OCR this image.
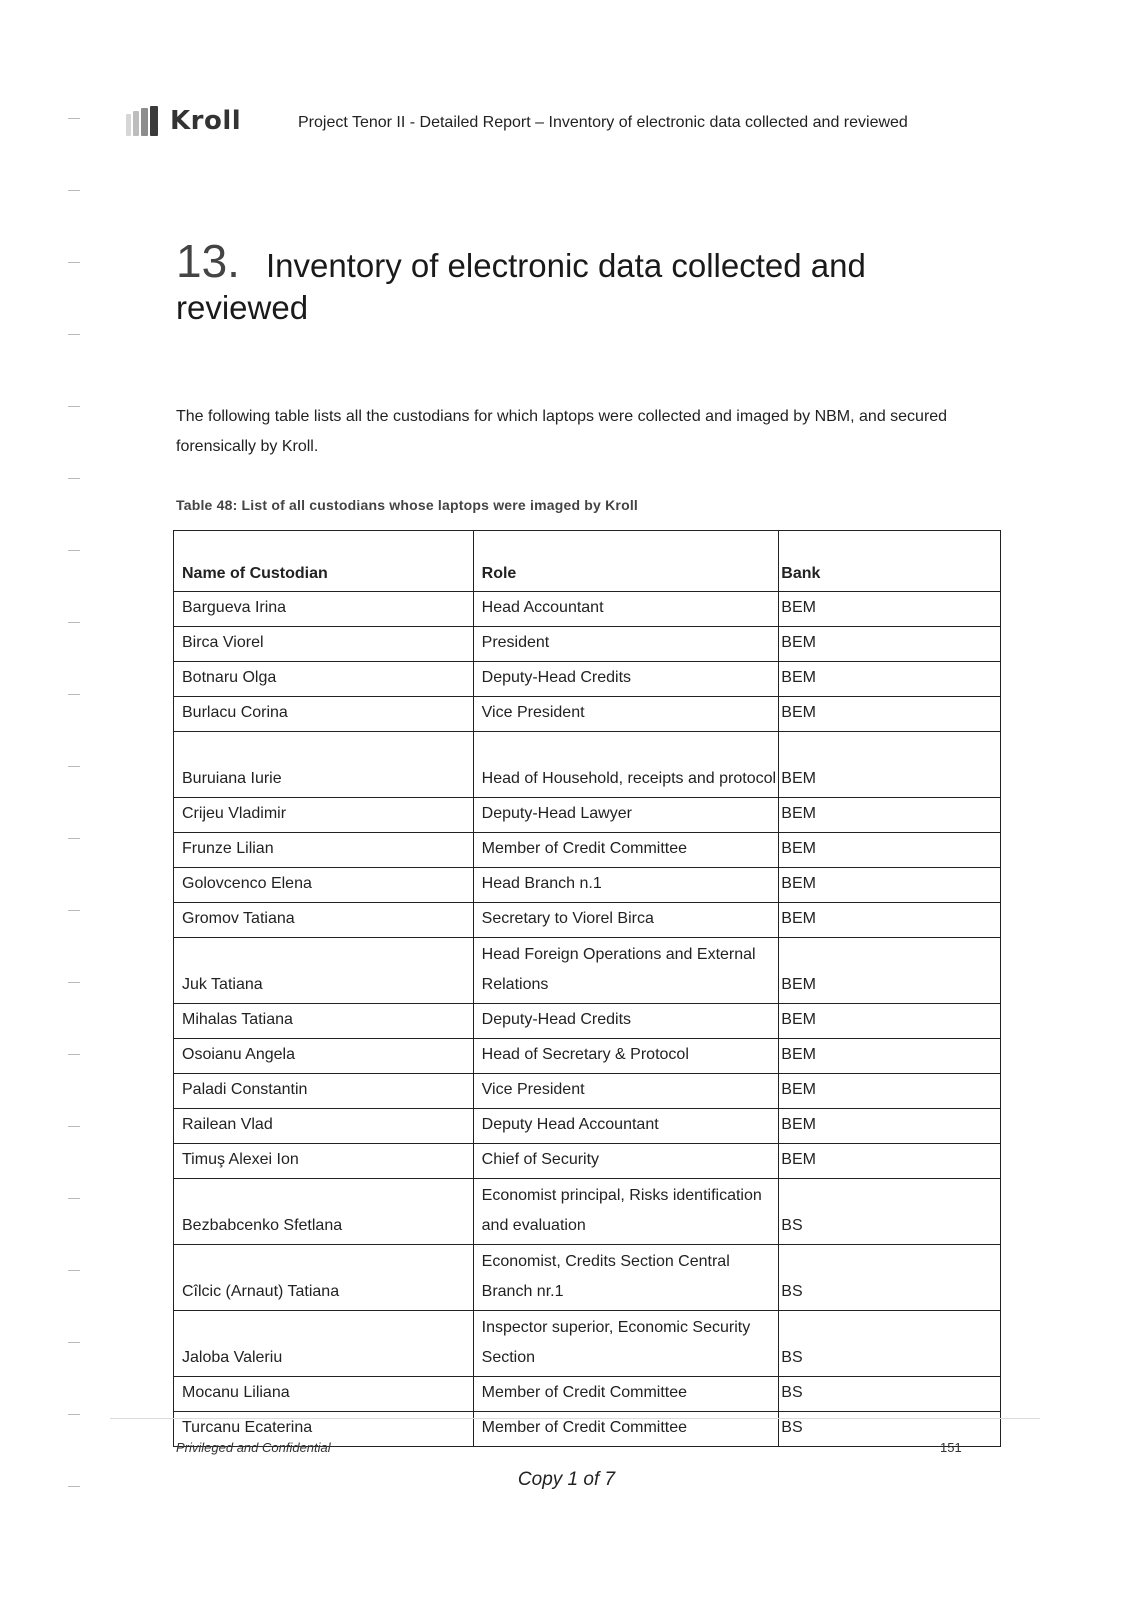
Kroll	Project Tenor II - Detailed Report – Inventory of electronic data collected and reviewed
13. Inventory of electronic data collected and reviewed
The following table lists all the custodians for which laptops were collected and imaged by NBM, and secured forensically by Kroll.
Table 48: List of all custodians whose laptops were imaged by Kroll
Name of Custodian	Role	Bank
Bargueva Irina	Head Accountant	BEM
Birca Viorel	President	BEM
Botnaru Olga	Deputy-Head Credits	BEM
Burlacu Corina	Vice President	BEM
Buruiana Iurie	Head of Household, receipts and protocol	BEM
Crijeu Vladimir	Deputy-Head Lawyer	BEM
Frunze Lilian	Member of Credit Committee	BEM
Golovcenco Elena	Head Branch n.1	BEM
Gromov Tatiana	Secretary to Viorel Birca	BEM
Juk Tatiana	Head Foreign Operations and External Relations	BEM
Mihalas Tatiana	Deputy-Head Credits	BEM
Osoianu Angela	Head of Secretary & Protocol	BEM
Paladi Constantin	Vice President	BEM
Railean Vlad	Deputy Head Accountant	BEM
Timuş Alexei Ion	Chief of Security	BEM
Bezbabcenko Sfetlana	Economist principal, Risks identification and evaluation	BS
Cîlcic (Arnaut) Tatiana	Economist, Credits Section Central Branch nr.1	BS
Jaloba Valeriu	Inspector superior, Economic Security Section	BS
Mocanu Liliana	Member of Credit Committee	BS
Turcanu Ecaterina	Member of Credit Committee	BS
Privileged and Confidential	151
Copy 1 of 7
